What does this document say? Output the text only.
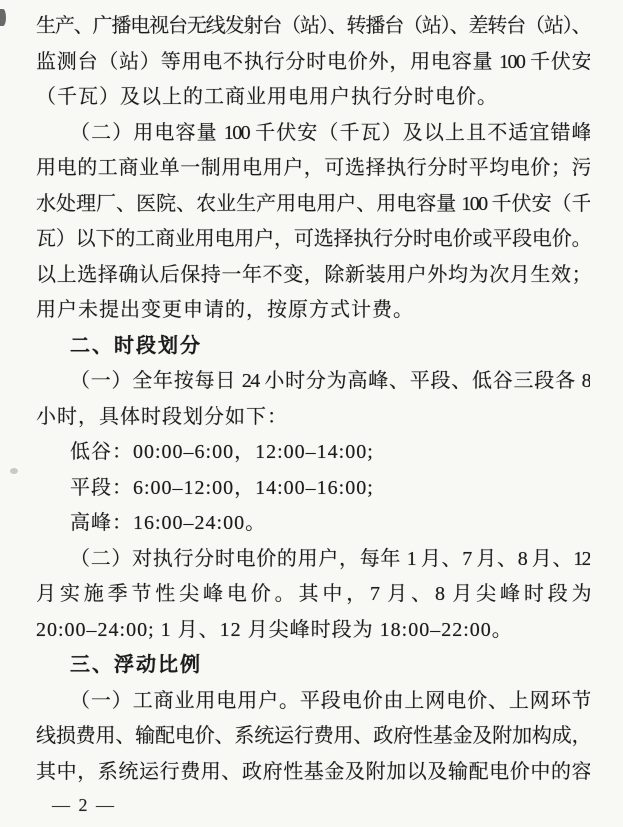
生产、广播电视台无线发射台（站）、转播台（站）、差转台（站）、
监测台（站）等用电不执行分时电价外，用电容量 100 千伏安
（千瓦）及以上的工商业用电用户执行分时电价。
（二）用电容量 100 千伏安（千瓦）及以上且不适宜错峰
用电的工商业单一制用电用户，可选择执行分时平均电价；污
水处理厂、医院、农业生产用电用户、用电容量 100 千伏安（千
瓦）以下的工商业用电用户，可选择执行分时电价或平段电价。
以上选择确认后保持一年不变，除新装用户外均为次月生效；
用户未提出变更申请的，按原方式计费。
二、时段划分
（一）全年按每日 24 小时分为高峰、平段、低谷三段各 8
小时，具体时段划分如下：
低谷：00:00–6:00，12:00–14:00;
平段：6:00–12:00，14:00–16:00;
高峰：16:00–24:00。
（二）对执行分时电价的用户，每年 1 月、7 月、8 月、12
月实施季节性尖峰电价。其中，7 月、8 月尖峰时段为
20:00–24:00; 1 月、12 月尖峰时段为 18:00–22:00。
三、浮动比例
（一）工商业用电用户。平段电价由上网电价、上网环节
线损费用、输配电价、系统运行费用、政府性基金及附加构成，
其中，系统运行费用、政府性基金及附加以及输配电价中的容
— 2 —
